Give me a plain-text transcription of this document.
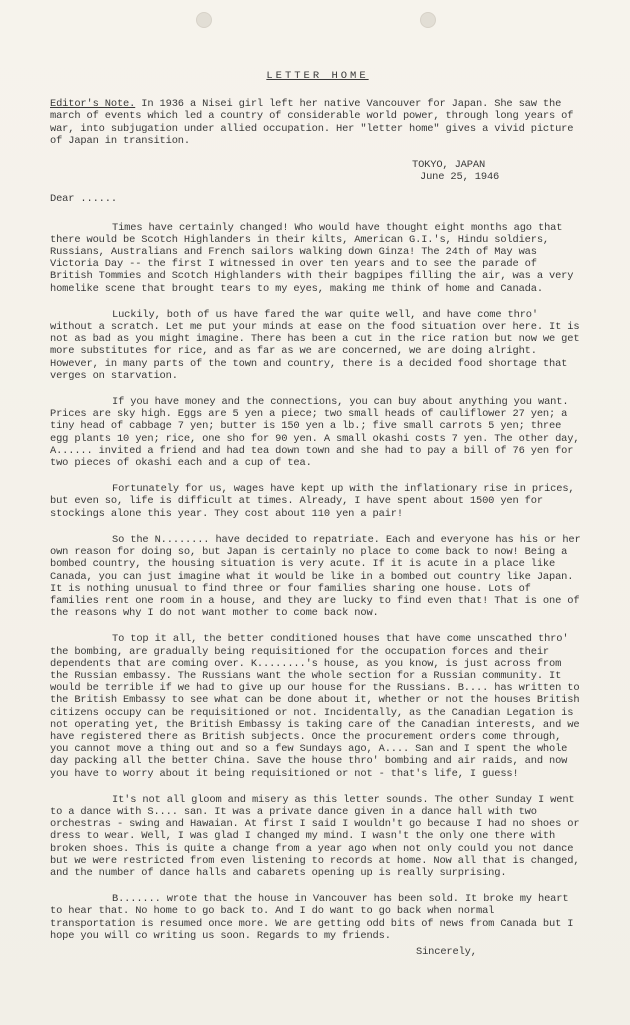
LETTER HOME

Editor's Note. In 1936 a Nisei girl left her native Vancouver for Japan. She saw the march of events which led a country of considerable world power, through long years of war, into subjugation under allied occupation. Her "letter home" gives a vivid picture of Japan in transition.

TOKYO, JAPAN
June 25, 1946
Dear ......

Times have certainly changed! Who would have thought eight months ago that there would be Scotch Highlanders in their kilts, American G.I.'s, Hindu soldiers, Russians, Australians and French sailors walking down Ginza! The 24th of May was Victoria Day -- the first I witnessed in over ten years and to see the parade of British Tommies and Scotch Highlanders with their bagpipes filling the air, was a very homelike scene that brought tears to my eyes, making me think of home and Canada.

Luckily, both of us have fared the war quite well, and have come thro' without a scratch. Let me put your minds at ease on the food situation over here. It is not as bad as you might imagine. There has been a cut in the rice ration but now we get more substitutes for rice, and as far as we are concerned, we are doing alright. However, in many parts of the town and country, there is a decided food shortage that verges on starvation.

If you have money and the connections, you can buy about anything you want. Prices are sky high. Eggs are 5 yen a piece; two small heads of cauliflower 27 yen; a tiny head of cabbage 7 yen; butter is 150 yen a lb.; five small carrots 5 yen; three egg plants 10 yen; rice, one sho for 90 yen. A small okashi costs 7 yen. The other day, A...... invited a friend and had tea down town and she had to pay a bill of 76 yen for two pieces of okashi each and a cup of tea.

Fortunately for us, wages have kept up with the inflationary rise in prices, but even so, life is difficult at times. Already, I have spent about 1500 yen for stockings alone this year. They cost about 110 yen a pair!

So the N........ have decided to repatriate. Each and everyone has his or her own reason for doing so, but Japan is certainly no place to come back to now! Being a bombed country, the housing situation is very acute. If it is acute in a place like Canada, you can just imagine what it would be like in a bombed out country like Japan. It is nothing unusual to find three or four families sharing one house. Lots of families rent one room in a house, and they are lucky to find even that! That is one of the reasons why I do not want mother to come back now.

To top it all, the better conditioned houses that have come unscathed thro' the bombing, are gradually being requisitioned for the occupation forces and their dependents that are coming over. K........'s house, as you know, is just across from the Russian embassy. The Russians want the whole section for a Russian community. It would be terrible if we had to give up our house for the Russians. B.... has written to the British Embassy to see what can be done about it, whether or not the houses British citizens occupy can be requisitioned or not. Incidentally, as the Canadian Legation is not operating yet, the British Embassy is taking care of the Canadian interests, and we have registered there as British subjects. Once the procurement orders come through, you cannot move a thing out and so a few Sundays ago, A.... San and I spent the whole day packing all the better China. Save the house thro' bombing and air raids, and now you have to worry about it being requisitioned or not - that's life, I guess!

It's not all gloom and misery as this letter sounds. The other Sunday I went to a dance with S.... san. It was a private dance given in a dance hall with two orchestras - swing and Hawaian. At first I said I wouldn't go because I had no shoes or dress to wear. Well, I was glad I changed my mind. I wasn't the only one there with broken shoes. This is quite a change from a year ago when not only could you not dance but we were restricted from even listening to records at home. Now all that is changed, and the number of dance halls and cabarets opening up is really surprising.

B....... wrote that the house in Vancouver has been sold. It broke my heart to hear that. No home to go back to. And I do want to go back when normal transportation is resumed once more. We are getting odd bits of news from Canada but I hope you will co writing us soon. Regards to my friends.

Sincerely,
